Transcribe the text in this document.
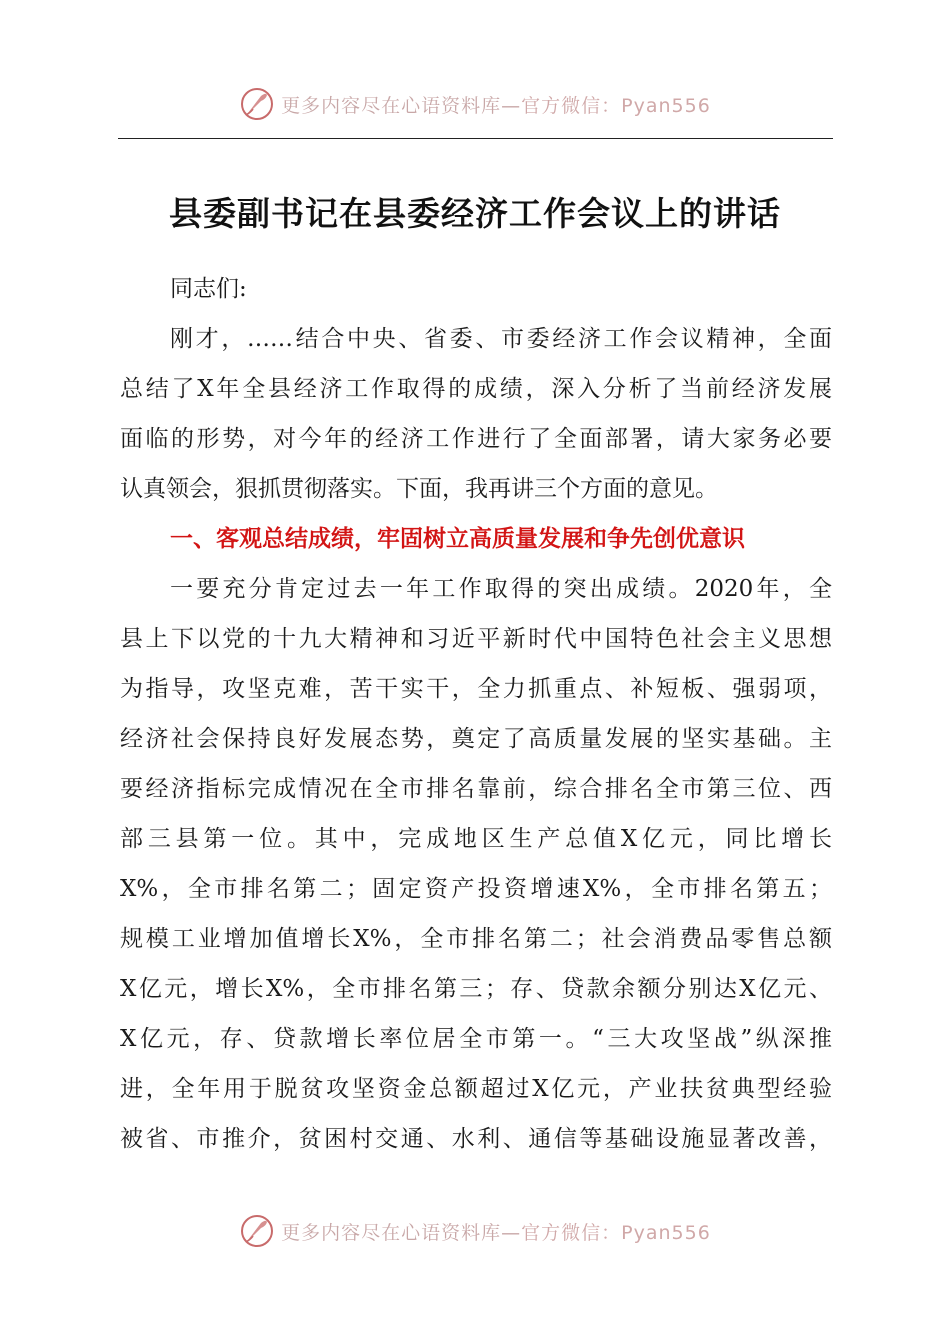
更多内容尽在心语资料库—官方微信：Pyan556
县委副书记在县委经济工作会议上的讲话
同志们:
刚才，……结合中央、省委、市委经济工作会议精神，全面
总结了X年全县经济工作取得的成绩，深入分析了当前经济发展
面临的形势，对今年的经济工作进行了全面部署，请大家务必要
认真领会，狠抓贯彻落实。下面，我再讲三个方面的意见。
一、客观总结成绩，牢固树立高质量发展和争先创优意识
一要充分肯定过去一年工作取得的突出成绩。2020年，全
县上下以党的十九大精神和习近平新时代中国特色社会主义思想
为指导，攻坚克难，苦干实干，全力抓重点、补短板、强弱项，
经济社会保持良好发展态势，奠定了高质量发展的坚实基础。主
要经济指标完成情况在全市排名靠前，综合排名全市第三位、西
部三县第一位。其中，完成地区生产总值X亿元，同比增长
X%，全市排名第二；固定资产投资增速X%，全市排名第五；
规模工业增加值增长X%，全市排名第二；社会消费品零售总额
X亿元，增长X%，全市排名第三；存、贷款余额分别达X亿元、
X亿元，存、贷款增长率位居全市第一。“三大攻坚战”纵深推
进，全年用于脱贫攻坚资金总额超过X亿元，产业扶贫典型经验
被省、市推介，贫困村交通、水利、通信等基础设施显著改善，
更多内容尽在心语资料库—官方微信：Pyan556
